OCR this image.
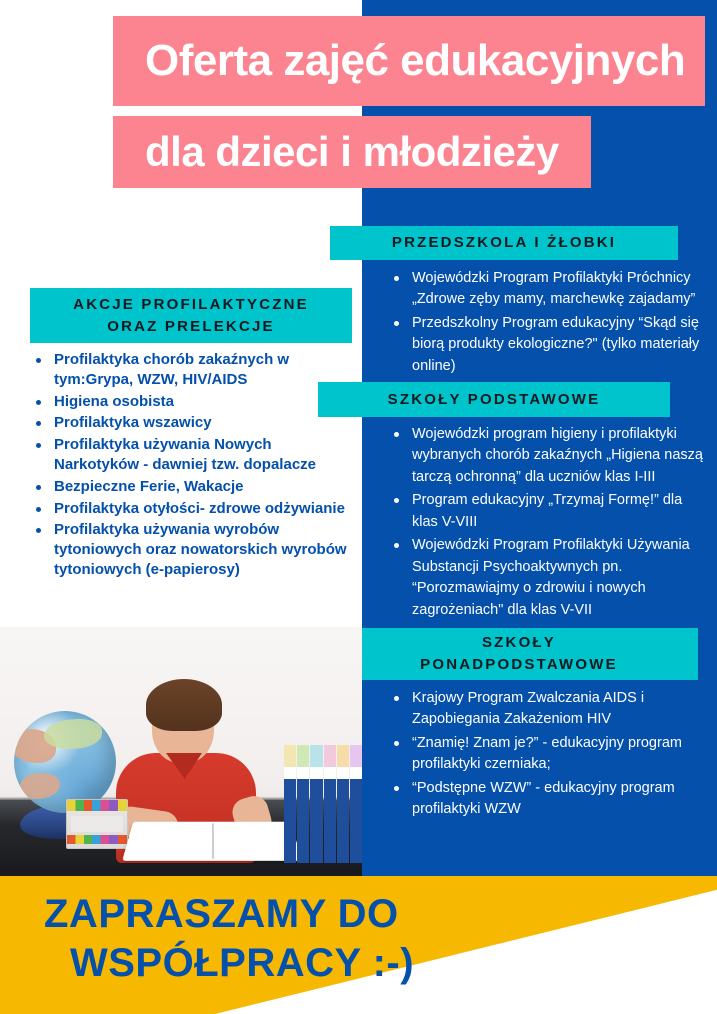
Oferta zajęć edukacyjnych
dla dzieci i młodzieży
PRZEDSZKOLA I ŻŁOBKI
Wojewódzki Program Profilaktyki Próchnicy „Zdrowe zęby mamy, marchewkę zajadamy”
Przedszkolny Program edukacyjny “Skąd się biorą produkty ekologiczne?" (tylko materiały online)
AKCJE PROFILAKTYCZNE
ORAZ PRELEKCJE
Profilaktyka chorób zakaźnych w tym:Grypa, WZW, HIV/AIDS
Higiena osobista
Profilaktyka wszawicy
Profilaktyka używania Nowych Narkotyków - dawniej tzw. dopalacze
Bezpieczne Ferie, Wakacje
Profilaktyka otyłości- zdrowe odżywianie
Profilaktyka używania wyrobów tytoniowych oraz nowatorskich wyrobów tytoniowych (e-papierosy)
SZKOŁY PODSTAWOWE
Wojewódzki program higieny i profilaktyki wybranych chorób zakaźnych „Higiena naszą tarczą ochronną” dla uczniów klas I-III
Program edukacyjny „Trzymaj Formę!” dla klas V-VIII
Wojewódzki Program Profilaktyki Używania Substancji Psychoaktywnych pn. “Porozmawiajmy o zdrowiu i nowych zagrożeniach" dla klas V-VII
SZKOŁY
PONADPODSTAWOWE
Krajowy Program Zwalczania AIDS i Zapobiegania Zakażeniom HIV
“Znamię! Znam je?” - edukacyjny program profilaktyki czerniaka;
“Podstępne WZW” - edukacyjny program profilaktyki WZW
ZAPRASZAMY DO
WSPÓŁPRACY :-)
